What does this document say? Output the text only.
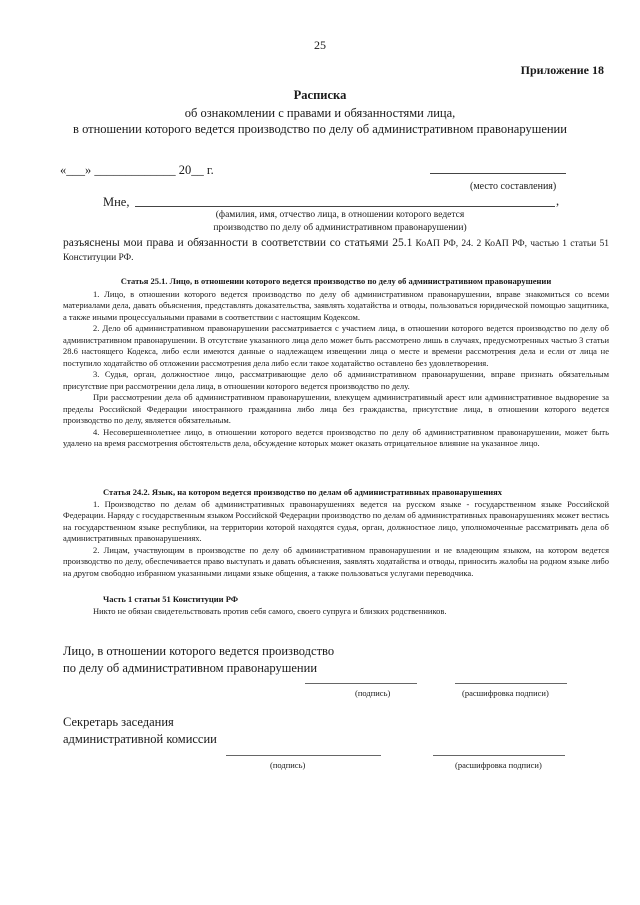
25
Приложение 18
Расписка
об ознакомлении с правами и обязанностями лица,
в отношении которого ведется производство по делу об административном правонарушении
«___» _____________ 20__ г.
(место составления)
Мне,	,
(фамилия, имя, отчество лица, в отношении которого ведется
производство по делу об административном правонарушении)
разъяснены мои права и обязанности в соответствии со статьями 25.1 КоАП РФ, 24. 2 КоАП РФ, частью 1 статьи 51 Конституции РФ.
Статья 25.1. Лицо, в отношении которого ведется производство по делу об административном правонарушении

1. Лицо, в отношении которого ведется производство по делу об административном правонарушении, вправе знакомиться со всеми материалами дела, давать объяснения, представлять доказательства, заявлять ходатайства и отводы, пользоваться юридической помощью защитника, а также иными процессуальными правами в соответствии с настоящим Кодексом.

2. Дело об административном правонарушении рассматривается с участием лица, в отношении которого ведется производство по делу об административном правонарушении. В отсутствие указанного лица дело может быть рассмотрено лишь в случаях, предусмотренных частью 3 статьи 28.6 настоящего Кодекса, либо если имеются данные о надлежащем извещении лица о месте и времени рассмотрения дела и если от лица не поступило ходатайство об отложении рассмотрения дела либо если такое ходатайство оставлено без удовлетворения.

3. Судья, орган, должностное лицо, рассматривающие дело об административном правонарушении, вправе признать обязательным присутствие при рассмотрении дела лица, в отношении которого ведется производство по делу.

При рассмотрении дела об административном правонарушении, влекущем административный арест или административное выдворение за пределы Российской Федерации иностранного гражданина либо лица без гражданства, присутствие лица, в отношении которого ведется производство по делу, является обязательным.

4. Несовершеннолетнее лицо, в отношении которого ведется производство по делу об административном правонарушении, может быть удалено на время рассмотрения обстоятельств дела, обсуждение которых может оказать отрицательное влияние на указанное лицо.

Статья 24.2. Язык, на котором ведется производство по делам об административных правонарушениях

1. Производство по делам об административных правонарушениях ведется на русском языке - государственном языке Российской Федерации. Наряду с государственным языком Российской Федерации производство по делам об административных правонарушениях может вестись на государственном языке республики, на территории которой находятся судья, орган, должностное лицо, уполномоченные рассматривать дела об административных правонарушениях.

2. Лицам, участвующим в производстве по делу об административном правонарушении и не владеющим языком, на котором ведется производство по делу, обеспечивается право выступать и давать объяснения, заявлять ходатайства и отводы, приносить жалобы на родном языке либо на другом свободно избранном указанными лицами языке общения, а также пользоваться услугами переводчика.

Часть 1 статьи 51 Конституции РФ

Никто не обязан свидетельствовать против себя самого, своего супруга и близких родственников.

Лицо, в отношении которого ведется производство
по делу об административном правонарушении
(подпись)	(расшифровка подписи)
Секретарь заседания
административной комиссии
(подпись)	(расшифровка подписи)
